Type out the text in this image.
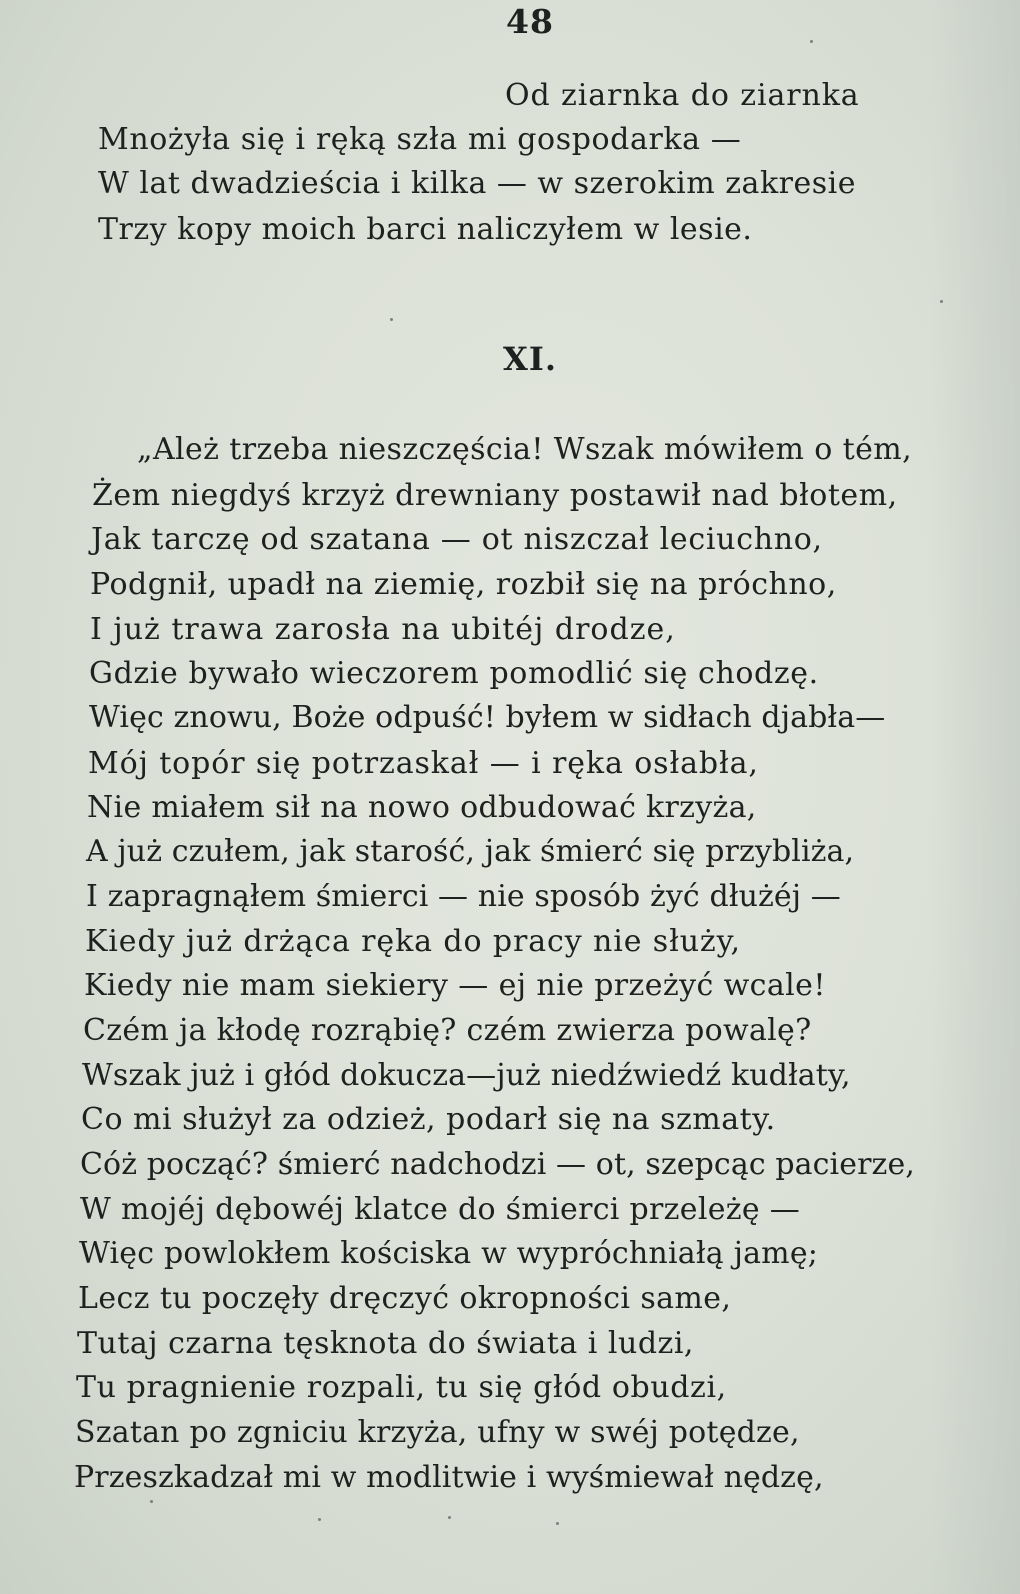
48
Od ziarnka do ziarnka
Mnożyła się i ręką szła mi gospodarka —
W lat dwadzieścia i kilka — w szerokim zakresie
Trzy kopy moich barci naliczyłem w lesie.
XI.
„Ależ trzeba nieszczęścia! Wszak mówiłem o tém,
Żem niegdyś krzyż drewniany postawił nad błotem,
Jak tarczę od szatana — ot niszczał leciuchno,
Podgnił, upadł na ziemię, rozbił się na próchno,
I już trawa zarosła na ubitéj drodze,
Gdzie bywało wieczorem pomodlić się chodzę.
Więc znowu, Boże odpuść! byłem w sidłach djabła—
Mój topór się potrzaskał — i ręka osłabła,
Nie miałem sił na nowo odbudować krzyża,
A już czułem, jak starość, jak śmierć się przybliża,
I zapragnąłem śmierci — nie sposób żyć dłużéj —
Kiedy już drżąca ręka do pracy nie służy,
Kiedy nie mam siekiery — ej nie przeżyć wcale!
Czém ja kłodę rozrąbię? czém zwierza powalę?
Wszak już i głód dokucza—już niedźwiedź kudłaty,
Co mi służył za odzież, podarł się na szmaty.
Cóż począć? śmierć nadchodzi — ot, szepcąc pacierze,
W mojéj dębowéj klatce do śmierci przeleżę —
Więc powlokłem kościska w wypróchniałą jamę;
Lecz tu poczęły dręczyć okropności same,
Tutaj czarna tęsknota do świata i ludzi,
Tu pragnienie rozpali, tu się głód obudzi,
Szatan po zgniciu krzyża, ufny w swéj potędze,
Przeszkadzał mi w modlitwie i wyśmiewał nędzę,
